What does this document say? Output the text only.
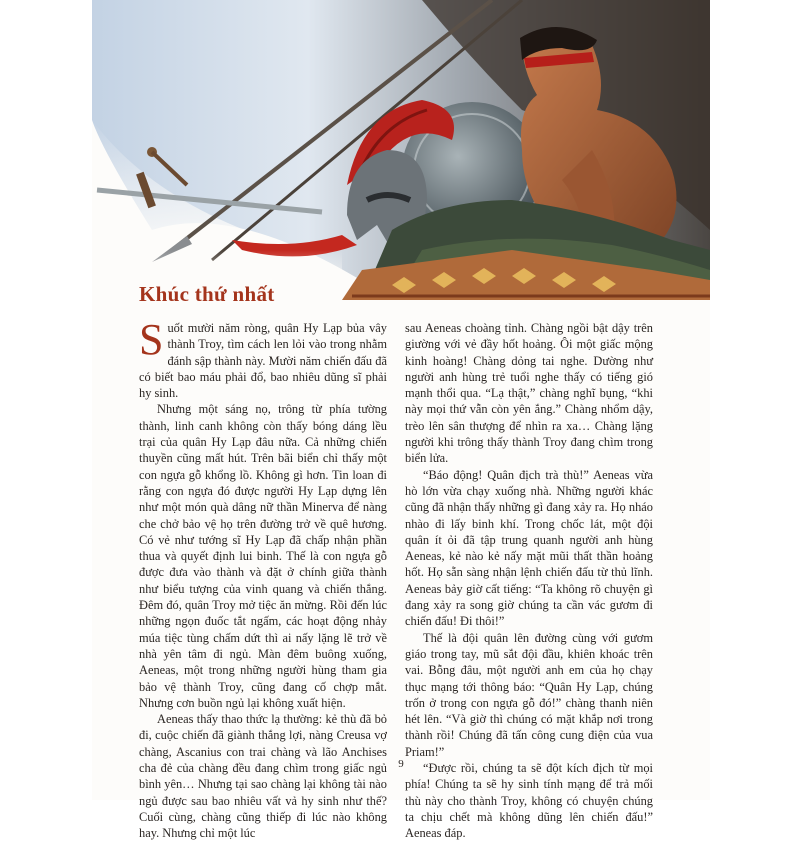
Khúc thứ nhất

Suốt mười năm ròng, quân Hy Lạp bủa vây thành Troy, tìm cách len lỏi vào trong nhằm đánh sập thành này. Mười năm chiến đấu đã có biết bao máu phải đổ, bao nhiêu dũng sĩ phải hy sinh.

Nhưng một sáng nọ, trông từ phía tường thành, linh canh không còn thấy bóng dáng lều trại của quân Hy Lạp đâu nữa. Cả những chiến thuyền cũng mất hút. Trên bãi biển chỉ thấy một con ngựa gỗ khổng lồ. Không gì hơn. Tin loan đi rằng con ngựa đó được người Hy Lạp dựng lên như một món quà dâng nữ thần Minerva để nàng che chở bảo vệ họ trên đường trở về quê hương. Có vẻ như tướng sĩ Hy Lạp đã chấp nhận phần thua và quyết định lui binh. Thế là con ngựa gỗ được đưa vào thành và đặt ở chính giữa thành như biểu tượng của vinh quang và chiến thắng. Đêm đó, quân Troy mở tiệc ăn mừng. Rồi đến lúc những ngọn đuốc tắt ngấm, các hoạt động nhảy múa tiệc tùng chấm dứt thì ai nấy lặng lẽ trở về nhà yên tâm đi ngủ. Màn đêm buông xuống, Aeneas, một trong những người hùng tham gia bảo vệ thành Troy, cũng đang cố chợp mắt. Nhưng cơn buồn ngủ lại không xuất hiện.

Aeneas thấy thao thức lạ thường: kẻ thù đã bỏ đi, cuộc chiến đã giành thắng lợi, nàng Creusa vợ chàng, Ascanius con trai chàng và lão Anchises cha đẻ của chàng đều đang chìm trong giấc ngủ bình yên… Nhưng tại sao chàng lại không tài nào ngủ được sau bao nhiêu vất vả hy sinh như thế? Cuối cùng, chàng cũng thiếp đi lúc nào không hay. Nhưng chỉ một lúc

sau Aeneas choàng tỉnh. Chàng ngồi bật dậy trên giường với vẻ đầy hốt hoảng. Ôi một giấc mộng kinh hoàng! Chàng dỏng tai nghe. Dường như người anh hùng trẻ tuổi nghe thấy có tiếng gió mạnh thổi qua. “Lạ thật,” chàng nghĩ bụng, “khi này mọi thứ vẫn còn yên ắng.” Chàng nhổm dậy, trèo lên sân thượng để nhìn ra xa… Chàng lặng người khi trông thấy thành Troy đang chìm trong biển lửa.

“Báo động! Quân địch trà thù!” Aeneas vừa hò lớn vừa chạy xuống nhà. Những người khác cũng đã nhận thấy những gì đang xảy ra. Họ nháo nhào đi lấy binh khí. Trong chốc lát, một đội quân ít ỏi đã tập trung quanh người anh hùng Aeneas, kẻ nào kẻ nấy mặt mũi thất thần hoảng hốt. Họ sẵn sàng nhận lệnh chiến đấu từ thủ lĩnh. Aeneas bảy giờ cất tiếng: “Ta không rõ chuyện gì đang xảy ra song giờ chúng ta cần vác gươm đi chiến đấu! Đi thôi!”

Thế là đội quân lên đường cùng với gươm giáo trong tay, mũ sắt đội đầu, khiên khoác trên vai. Bỗng đâu, một người anh em của họ chạy thục mạng tới thông báo: “Quân Hy Lạp, chúng trốn ở trong con ngựa gỗ đó!” chàng thanh niên hét lên. “Và giờ thì chúng có mặt khắp nơi trong thành rồi! Chúng đã tấn công cung điện của vua Priam!”

“Được rồi, chúng ta sẽ đột kích địch từ mọi phía! Chúng ta sẽ hy sinh tính mạng để trả mối thù này cho thành Troy, không có chuyện chúng ta chịu chết mà không dũng lên chiến đấu!” Aeneas đáp.

9
